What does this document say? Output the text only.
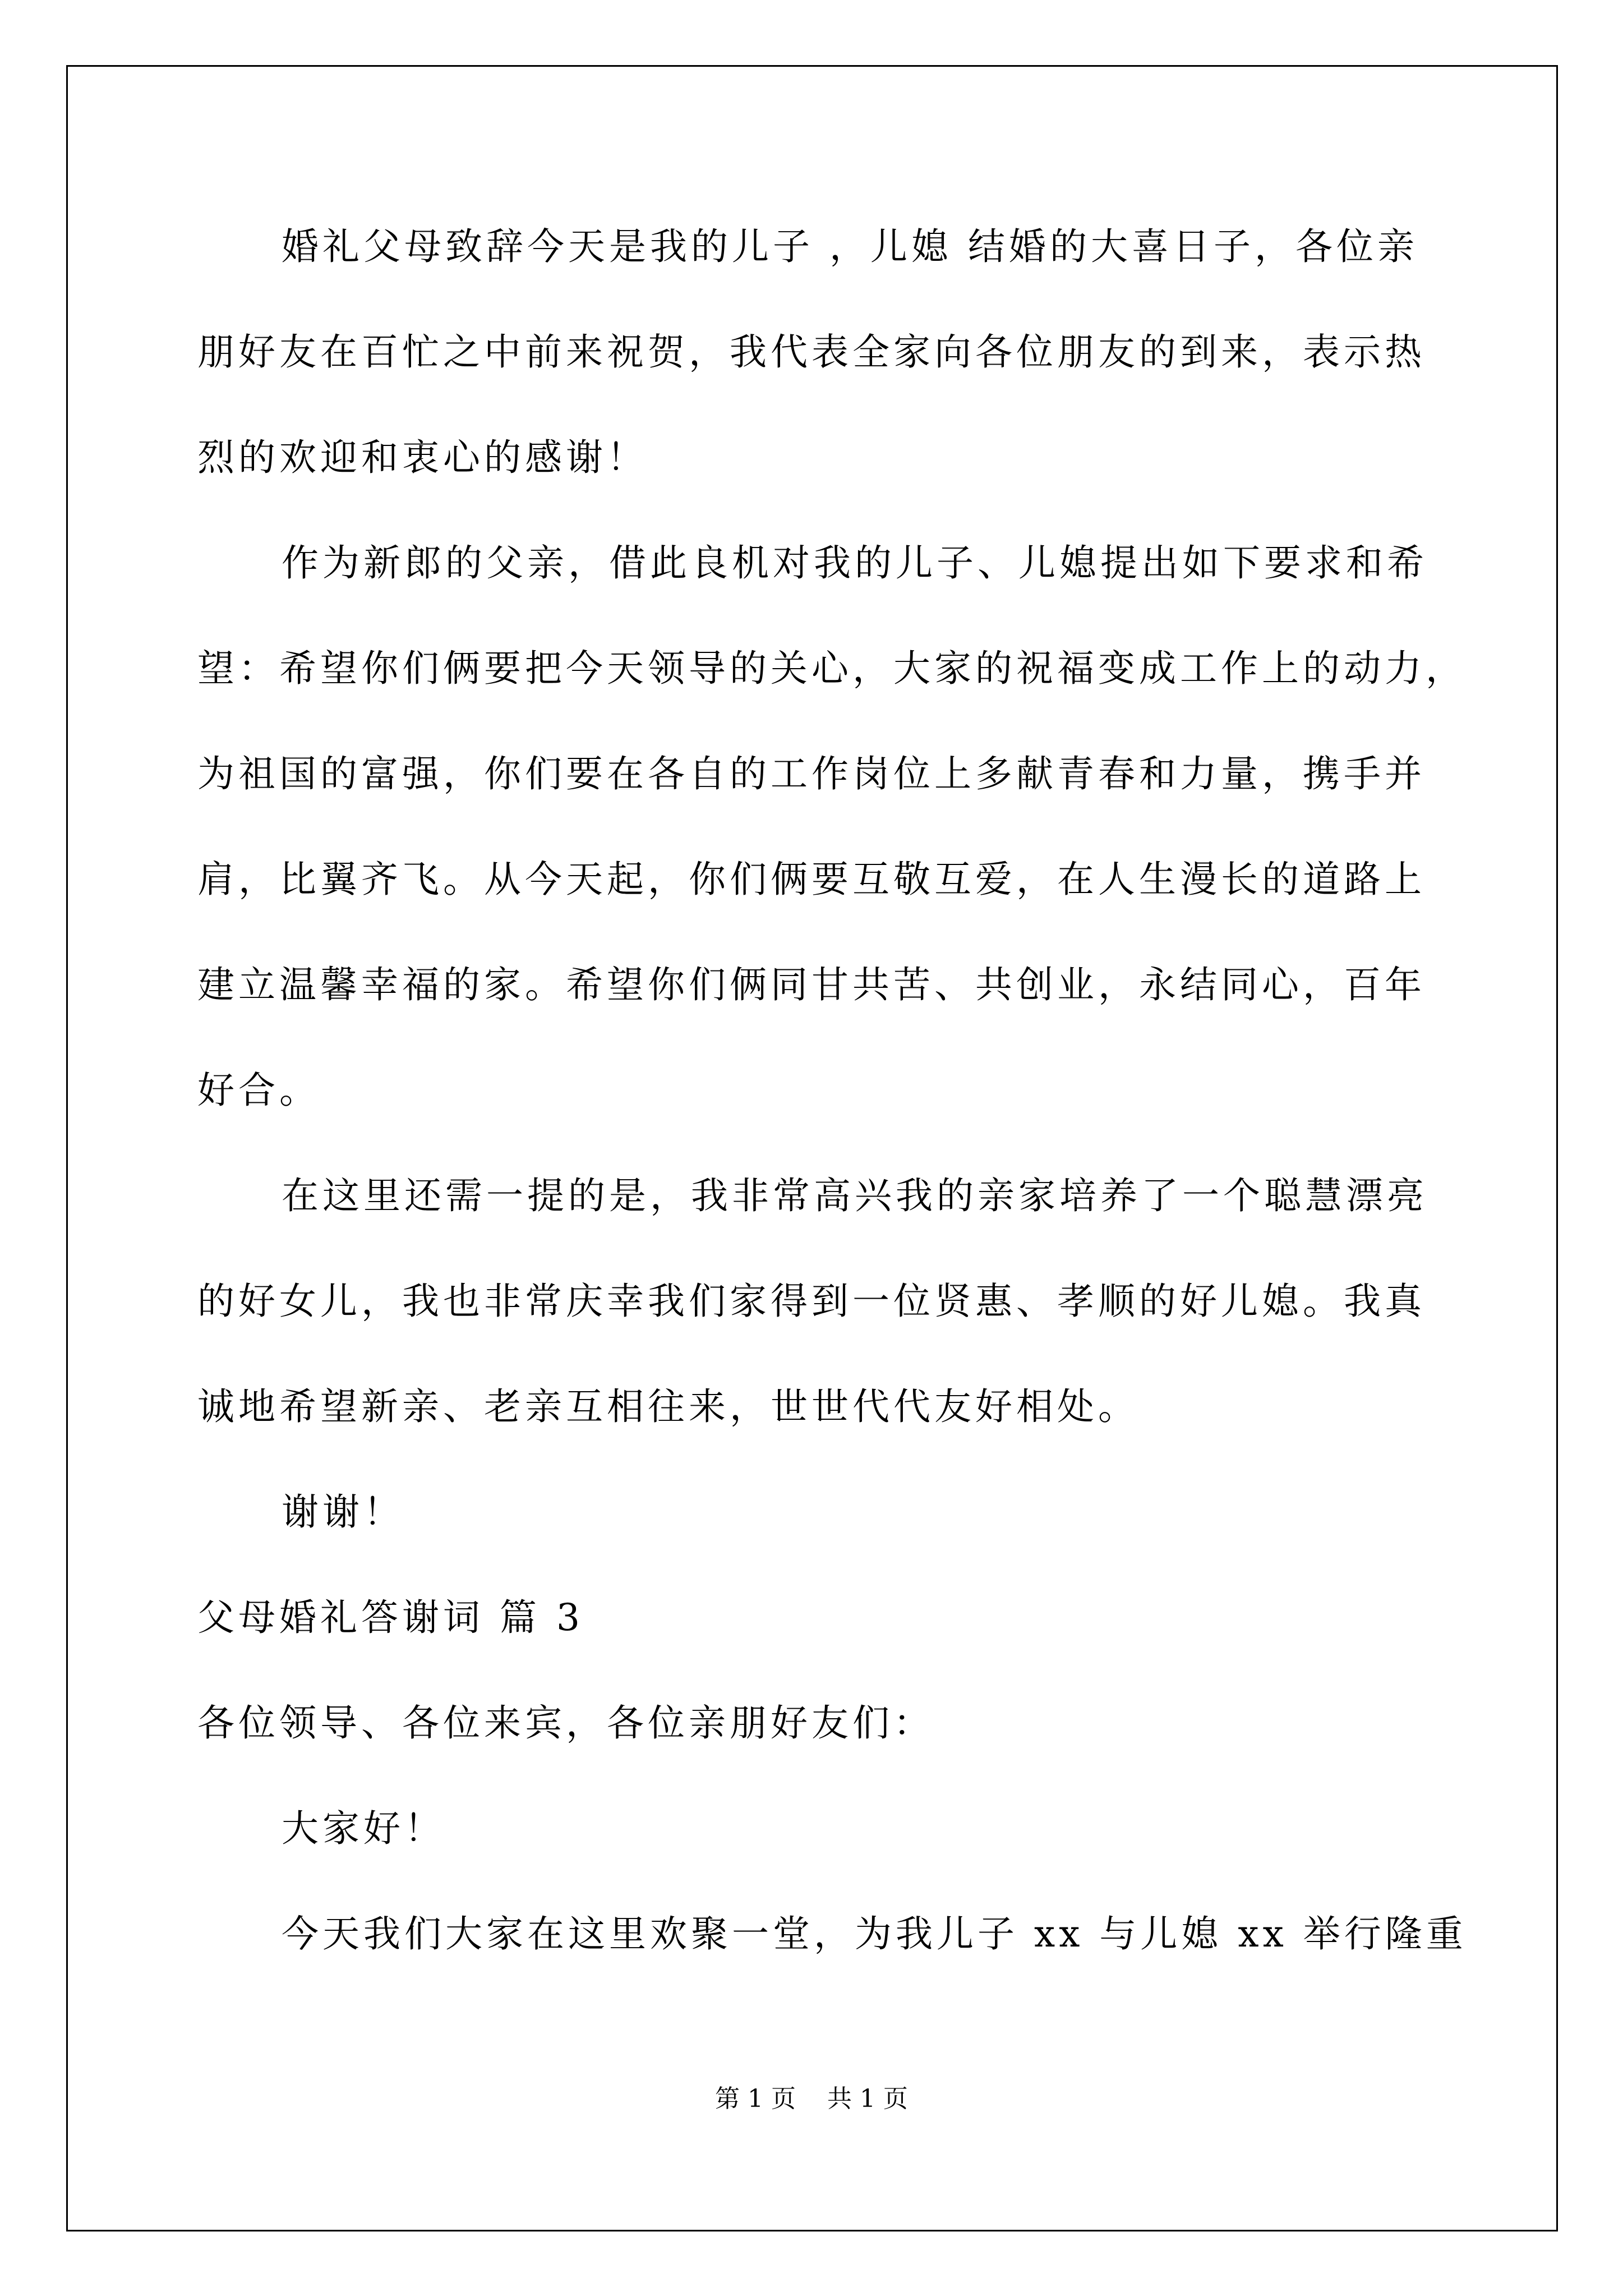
婚礼父母致辞今天是我的儿子 ，儿媳 结婚的大喜日子，各位亲
朋好友在百忙之中前来祝贺，我代表全家向各位朋友的到来，表示热
烈的欢迎和衷心的感谢！
作为新郎的父亲，借此良机对我的儿子、儿媳提出如下要求和希
望：希望你们俩要把今天领导的关心，大家的祝福变成工作上的动力，
为祖国的富强，你们要在各自的工作岗位上多献青春和力量，携手并
肩，比翼齐飞。从今天起，你们俩要互敬互爱，在人生漫长的道路上
建立温馨幸福的家。希望你们俩同甘共苦、共创业，永结同心，百年
好合。
在这里还需一提的是，我非常高兴我的亲家培养了一个聪慧漂亮
的好女儿，我也非常庆幸我们家得到一位贤惠、孝顺的好儿媳。我真
诚地希望新亲、老亲互相往来，世世代代友好相处。
谢谢！
父母婚礼答谢词 篇 3
各位领导、各位来宾，各位亲朋好友们：
大家好！
今天我们大家在这里欢聚一堂，为我儿子 xx 与儿媳 xx 举行隆重
第 1 页    共 1 页
